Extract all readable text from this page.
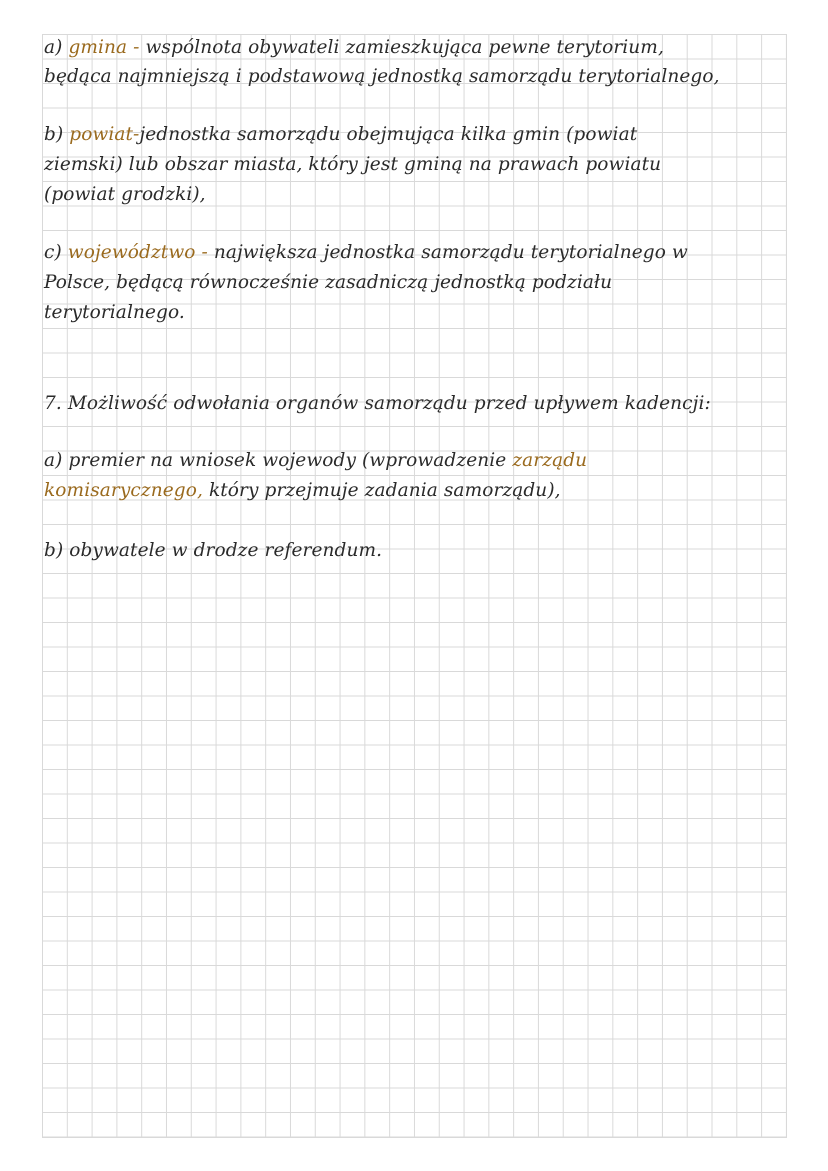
a) gmina - wspólnota obywateli zamieszkująca pewne terytorium,
będąca najmniejszą i podstawową jednostką samorządu terytorialnego,
b) powiat-jednostka samorządu obejmująca kilka gmin (powiat
ziemski) lub obszar miasta, który jest gminą na prawach powiatu
(powiat grodzki),
c) województwo - największa jednostka samorządu terytorialnego w
Polsce, będącą równocześnie zasadniczą jednostką podziału
terytorialnego.
7. Możliwość odwołania organów samorządu przed upływem kadencji:
a) premier na wniosek wojewody (wprowadzenie zarządu
komisarycznego, który przejmuje zadania samorządu),
b) obywatele w drodze referendum.
